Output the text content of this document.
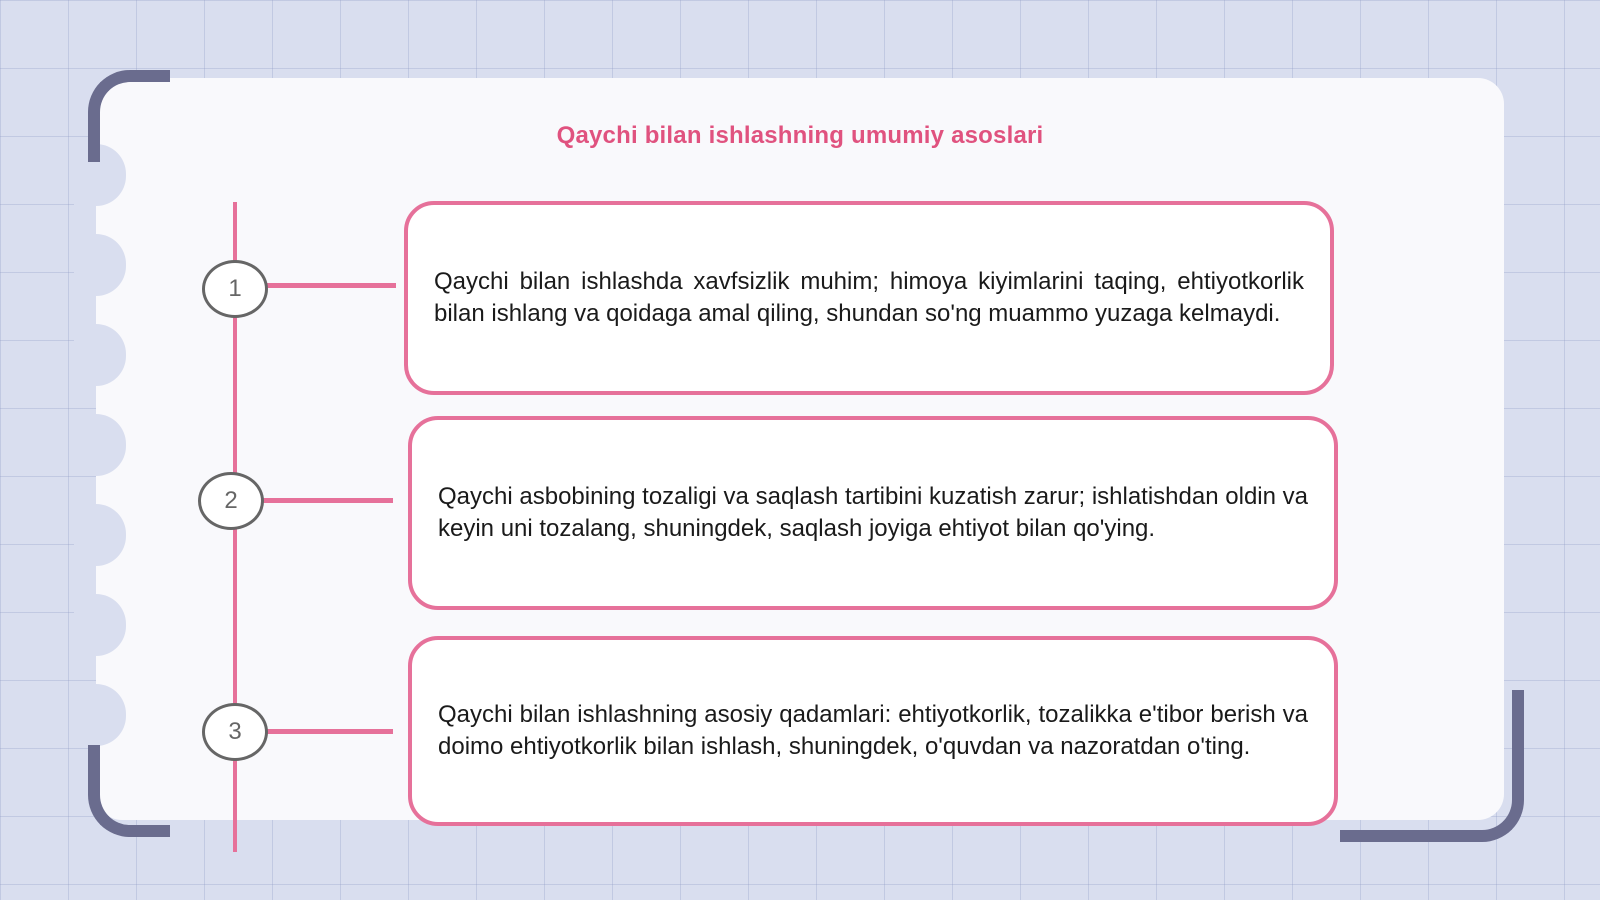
Qaychi bilan ishlashning umumiy asoslari
1	Qaychi bilan ishlashda xavfsizlik muhim; himoya kiyimlarini taqing, ehtiyotkorlik bilan ishlang va qoidaga amal qiling, shundan so'ng muammo yuzaga kelmaydi.
2	Qaychi asbobining tozaligi va saqlash tartibini kuzatish zarur; ishlatishdan oldin va keyin uni tozalang, shuningdek, saqlash joyiga ehtiyot bilan qo'ying.
3
Qaychi bilan ishlashning asosiy qadamlari: ehtiyotkorlik, tozalikka e'tibor berish va doimo ehtiyotkorlik bilan ishlash, shuningdek, o'quvdan va nazoratdan o'ting.
